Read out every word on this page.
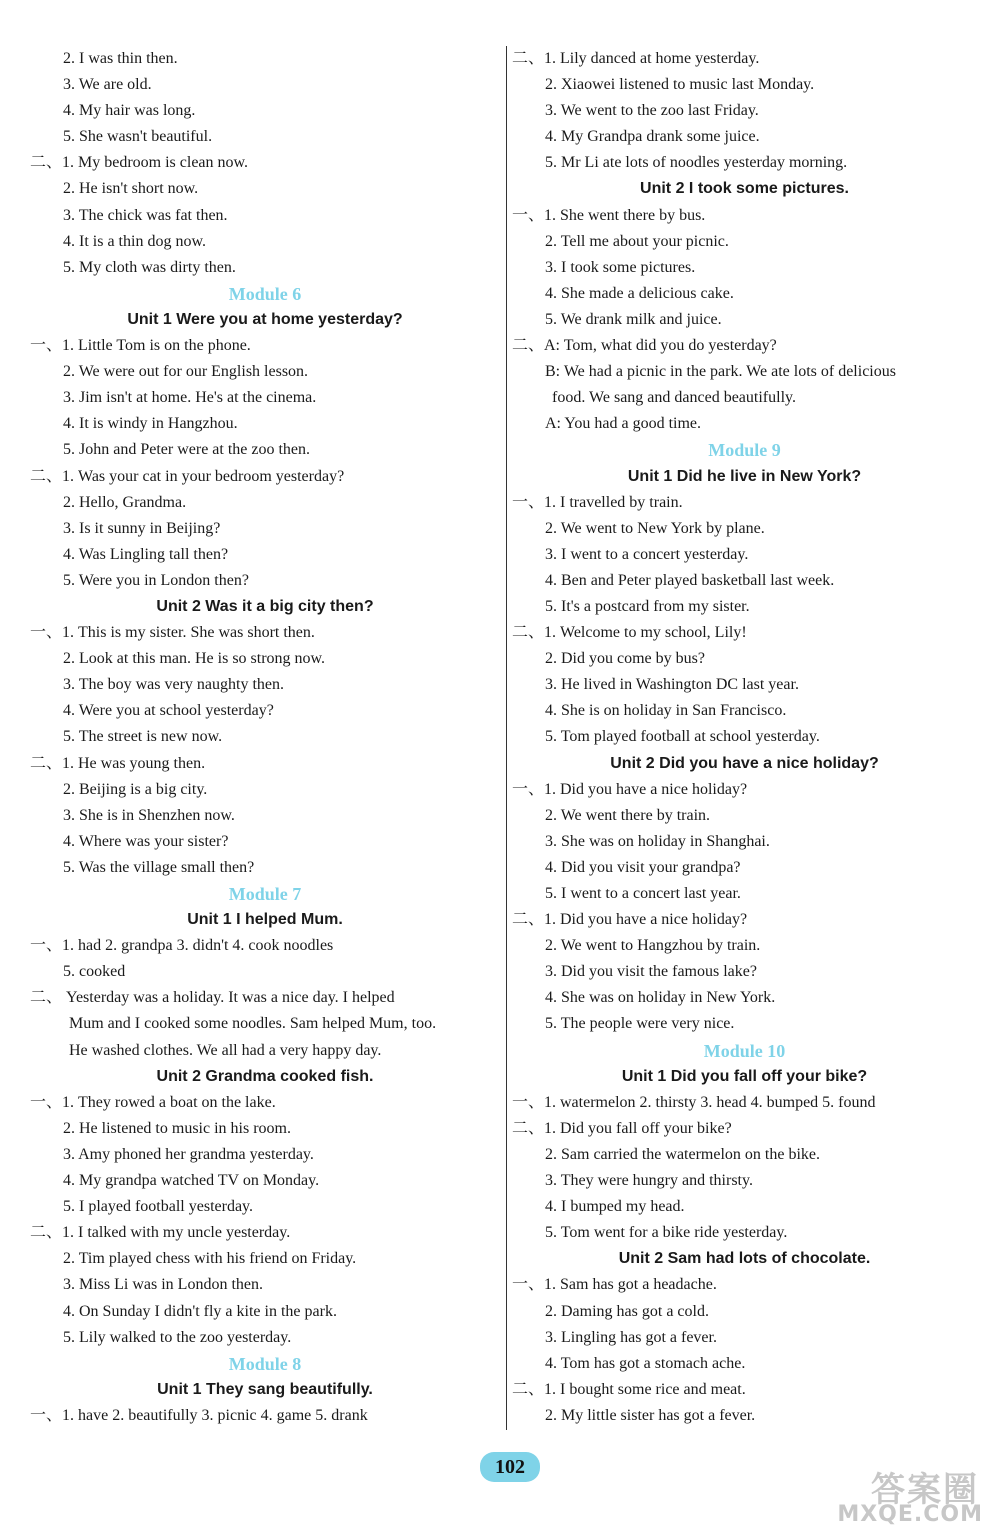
2. I was thin then.
3. We are old.
4. My hair was long.
5. She wasn't beautiful.
二、1. My bedroom is clean now.
2. He isn't short now.
3. The chick was fat then.
4. It is a thin dog now.
5. My cloth was dirty then.
Module 6
Unit 1 Were you at home yesterday?
一、1. Little Tom is on the phone.
2. We were out for our English lesson.
3. Jim isn't at home. He's at the cinema.
4. It is windy in Hangzhou.
5. John and Peter were at the zoo then.
二、1. Was your cat in your bedroom yesterday?
2. Hello, Grandma.
3. Is it sunny in Beijing?
4. Was Lingling tall then?
5. Were you in London then?
Unit 2 Was it a big city then?
一、1. This is my sister. She was short then.
2. Look at this man. He is so strong now.
3. The boy was very naughty then.
4. Were you at school yesterday?
5. The street is new now.
二、1. He was young then.
2. Beijing is a big city.
3. She is in Shenzhen now.
4. Where was your sister?
5. Was the village small then?
Module 7
Unit 1 I helped Mum.
一、1. had 2. grandpa 3. didn't 4. cook noodles
5. cooked
二、 Yesterday was a holiday. It was a nice day. I helped
Mum and I cooked some noodles. Sam helped Mum, too.
He washed clothes. We all had a very happy day.
Unit 2 Grandma cooked fish.
一、1. They rowed a boat on the lake.
2. He listened to music in his room.
3. Amy phoned her grandma yesterday.
4. My grandpa watched TV on Monday.
5. I played football yesterday.
二、1. I talked with my uncle yesterday.
2. Tim played chess with his friend on Friday.
3. Miss Li was in London then.
4. On Sunday I didn't fly a kite in the park.
5. Lily walked to the zoo yesterday.
Module 8
Unit 1 They sang beautifully.
一、1. have 2. beautifully 3. picnic 4. game 5. drank
二、1. Lily danced at home yesterday.
2. Xiaowei listened to music last Monday.
3. We went to the zoo last Friday.
4. My Grandpa drank some juice.
5. Mr Li ate lots of noodles yesterday morning.
Unit 2 I took some pictures.
一、1. She went there by bus.
2. Tell me about your picnic.
3. I took some pictures.
4. She made a delicious cake.
5. We drank milk and juice.
二、A: Tom, what did you do yesterday?
B: We had a picnic in the park. We ate lots of delicious
food. We sang and danced beautifully.
A: You had a good time.
Module 9
Unit 1 Did he live in New York?
一、1. I travelled by train.
2. We went to New York by plane.
3. I went to a concert yesterday.
4. Ben and Peter played basketball last week.
5. It's a postcard from my sister.
二、1. Welcome to my school, Lily!
2. Did you come by bus?
3. He lived in Washington DC last year.
4. She is on holiday in San Francisco.
5. Tom played football at school yesterday.
Unit 2 Did you have a nice holiday?
一、1. Did you have a nice holiday?
2. We went there by train.
3. She was on holiday in Shanghai.
4. Did you visit your grandpa?
5. I went to a concert last year.
二、1. Did you have a nice holiday?
2. We went to Hangzhou by train.
3. Did you visit the famous lake?
4. She was on holiday in New York.
5. The people were very nice.
Module 10
Unit 1 Did you fall off your bike?
一、1. watermelon 2. thirsty 3. head 4. bumped 5. found
二、1. Did you fall off your bike?
2. Sam carried the watermelon on the bike.
3. They were hungry and thirsty.
4. I bumped my head.
5. Tom went for a bike ride yesterday.
Unit 2 Sam had lots of chocolate.
一、1. Sam has got a headache.
2. Daming has got a cold.
3. Lingling has got a fever.
4. Tom has got a stomach ache.
二、1. I bought some rice and meat.
2. My little sister has got a fever.
102
答案圈
MXQE.COM
